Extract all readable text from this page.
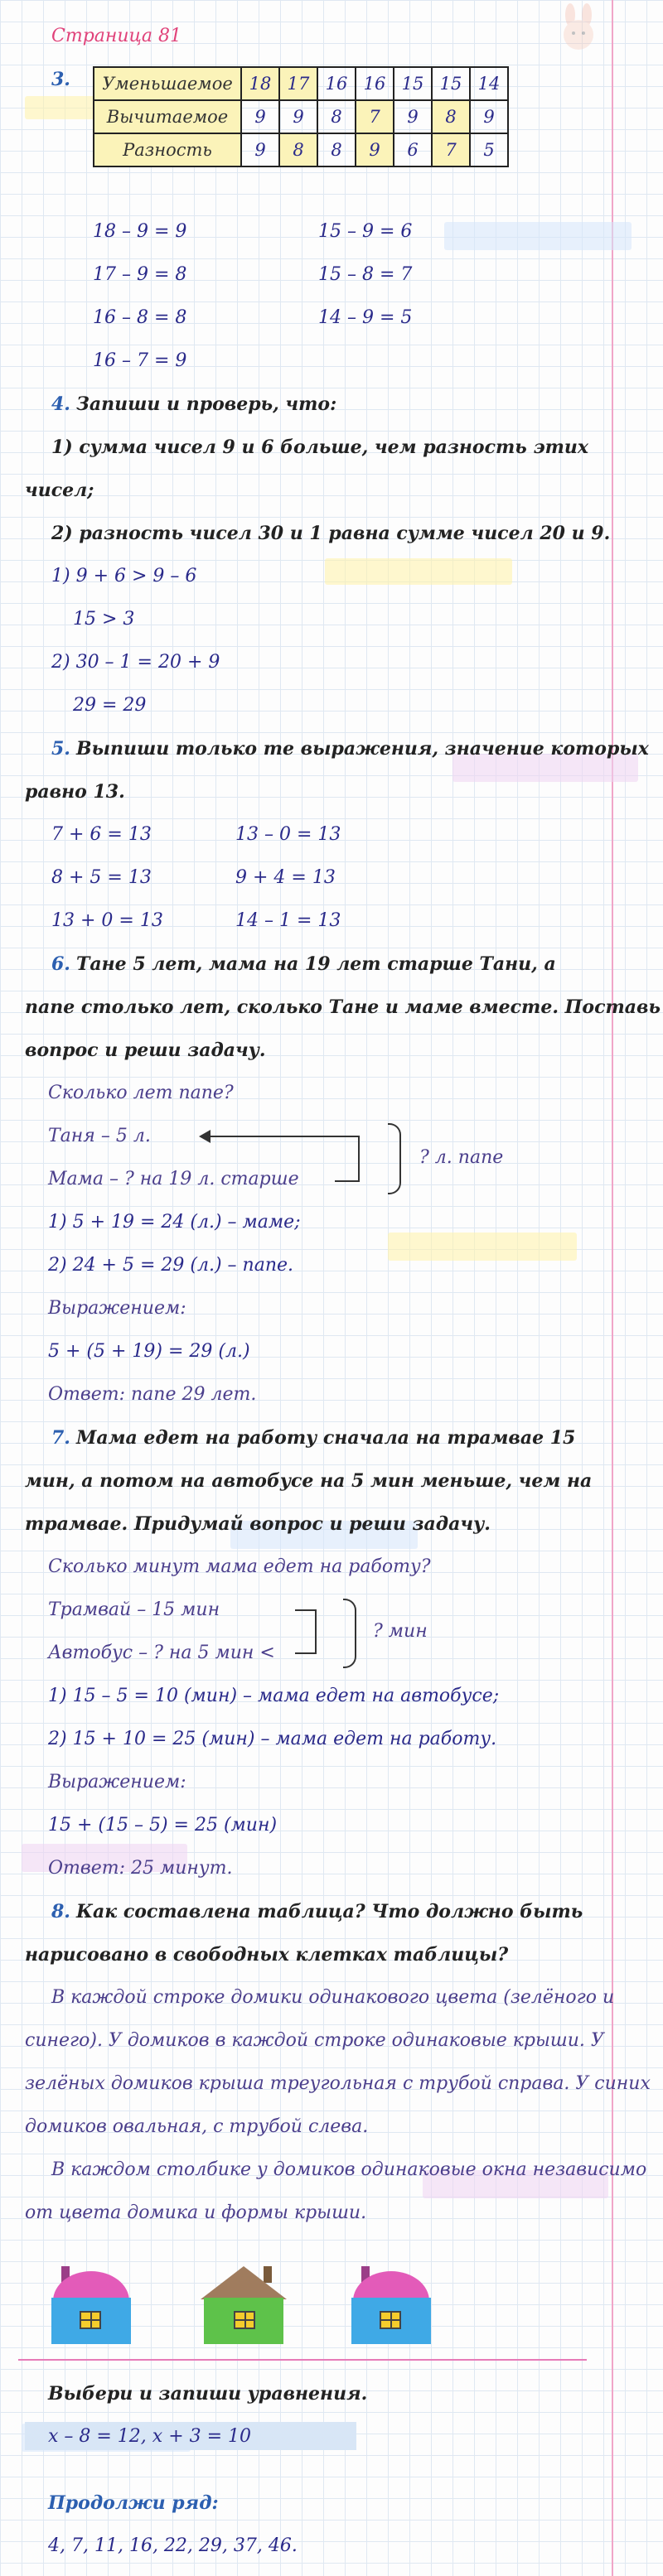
Страница 81
3. Уменьшаемое	18	17	16	16	15	15	14
Вычитаемое	9	9	8	7	9	8	9
Разность	9	8	8	9	6	7	5
18 – 9 = 9
17 – 9 = 8
16 – 8 = 8
16 – 7 = 9
15 – 9 = 6
15 – 8 = 7
14 – 9 = 5
4. Запиши и проверь, что:
1) сумма чисел 9 и 6 больше, чем разность этих
чисел;
2) разность чисел 30 и 1 равна сумме чисел 20 и 9.
1) 9 + 6 > 9 – 6
15 > 3
2) 30 – 1 = 20 + 9
29 = 29
5. Выпиши только те выражения, значение которых
равно 13.
7 + 6 = 13
8 + 5 = 13
13 + 0 = 13
13 – 0 = 13
9 + 4 = 13
14 – 1 = 13
6. Тане 5 лет, мама на 19 лет старше Тани, а
папе столько лет, сколько Тане и маме вместе. Поставь
вопрос и реши задачу.
Сколько лет папе?
Таня – 5 л.
Мама – ? на 19 л. старше
? л. папе
1) 5 + 19 = 24 (л.) – маме;
2) 24 + 5 = 29 (л.) – папе.
Выражением:
5 + (5 + 19) = 29 (л.)
Ответ: папе 29 лет.
7. Мама едет на работу сначала на трамвае 15
мин, а потом на автобусе на 5 мин меньше, чем на
трамвае. Придумай вопрос и реши задачу.
Сколько минут мама едет на работу?
Трамвай – 15 мин
Автобус – ? на 5 мин <
? мин
1) 15 – 5 = 10 (мин) – мама едет на автобусе;
2) 15 + 10 = 25 (мин) – мама едет на работу.
Выражением:
15 + (15 – 5) = 25 (мин)
Ответ: 25 минут.
8. Как составлена таблица? Что должно быть
нарисовано в свободных клетках таблицы?
В каждой строке домики одинакового цвета (зелёного и
синего). У домиков в каждой строке одинаковые крыши. У
зелёных домиков крыша треугольная с трубой справа. У синих
домиков овальная, с трубой слева.
В каждом столбике у домиков одинаковые окна независимо
от цвета домика и формы крыши.
Выбери и запиши уравнения.
x – 8 = 12, x + 3 = 10
Продолжи ряд:
4, 7, 11, 16, 22, 29, 37, 46.
